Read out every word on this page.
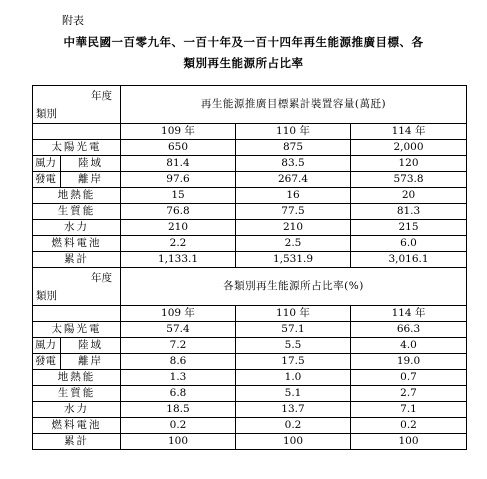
附表
中華民國一百零九年、一百十年及一百十四年再生能源推廣目標、各
類別再生能源所占比率
年度
類別		再生能源推廣目標累計裝置容量(萬瓩)		
		109 年	110 年	114 年
太陽光電		650	875	2,000
風力	陸域	81.4	83.5	120
發電	離岸	97.6	267.4	573.8
地熱能		15	16	20
生質能		76.8	77.5	81.3
水力		210	210	215
燃料電池		2.2	2.5	6.0
累計		1,133.1	1,531.9	3,016.1

年度
類別		各類別再生能源所占比率(%)		
		109 年	110 年	114 年
太陽光電		57.4	57.1	66.3
風力	陸域	7.2	5.5	4.0
發電	離岸	8.6	17.5	19.0
地熱能		1.3	1.0	0.7
生質能		6.8	5.1	2.7
水力		18.5	13.7	7.1
燃料電池		0.2	0.2	0.2
累計		100	100	100
